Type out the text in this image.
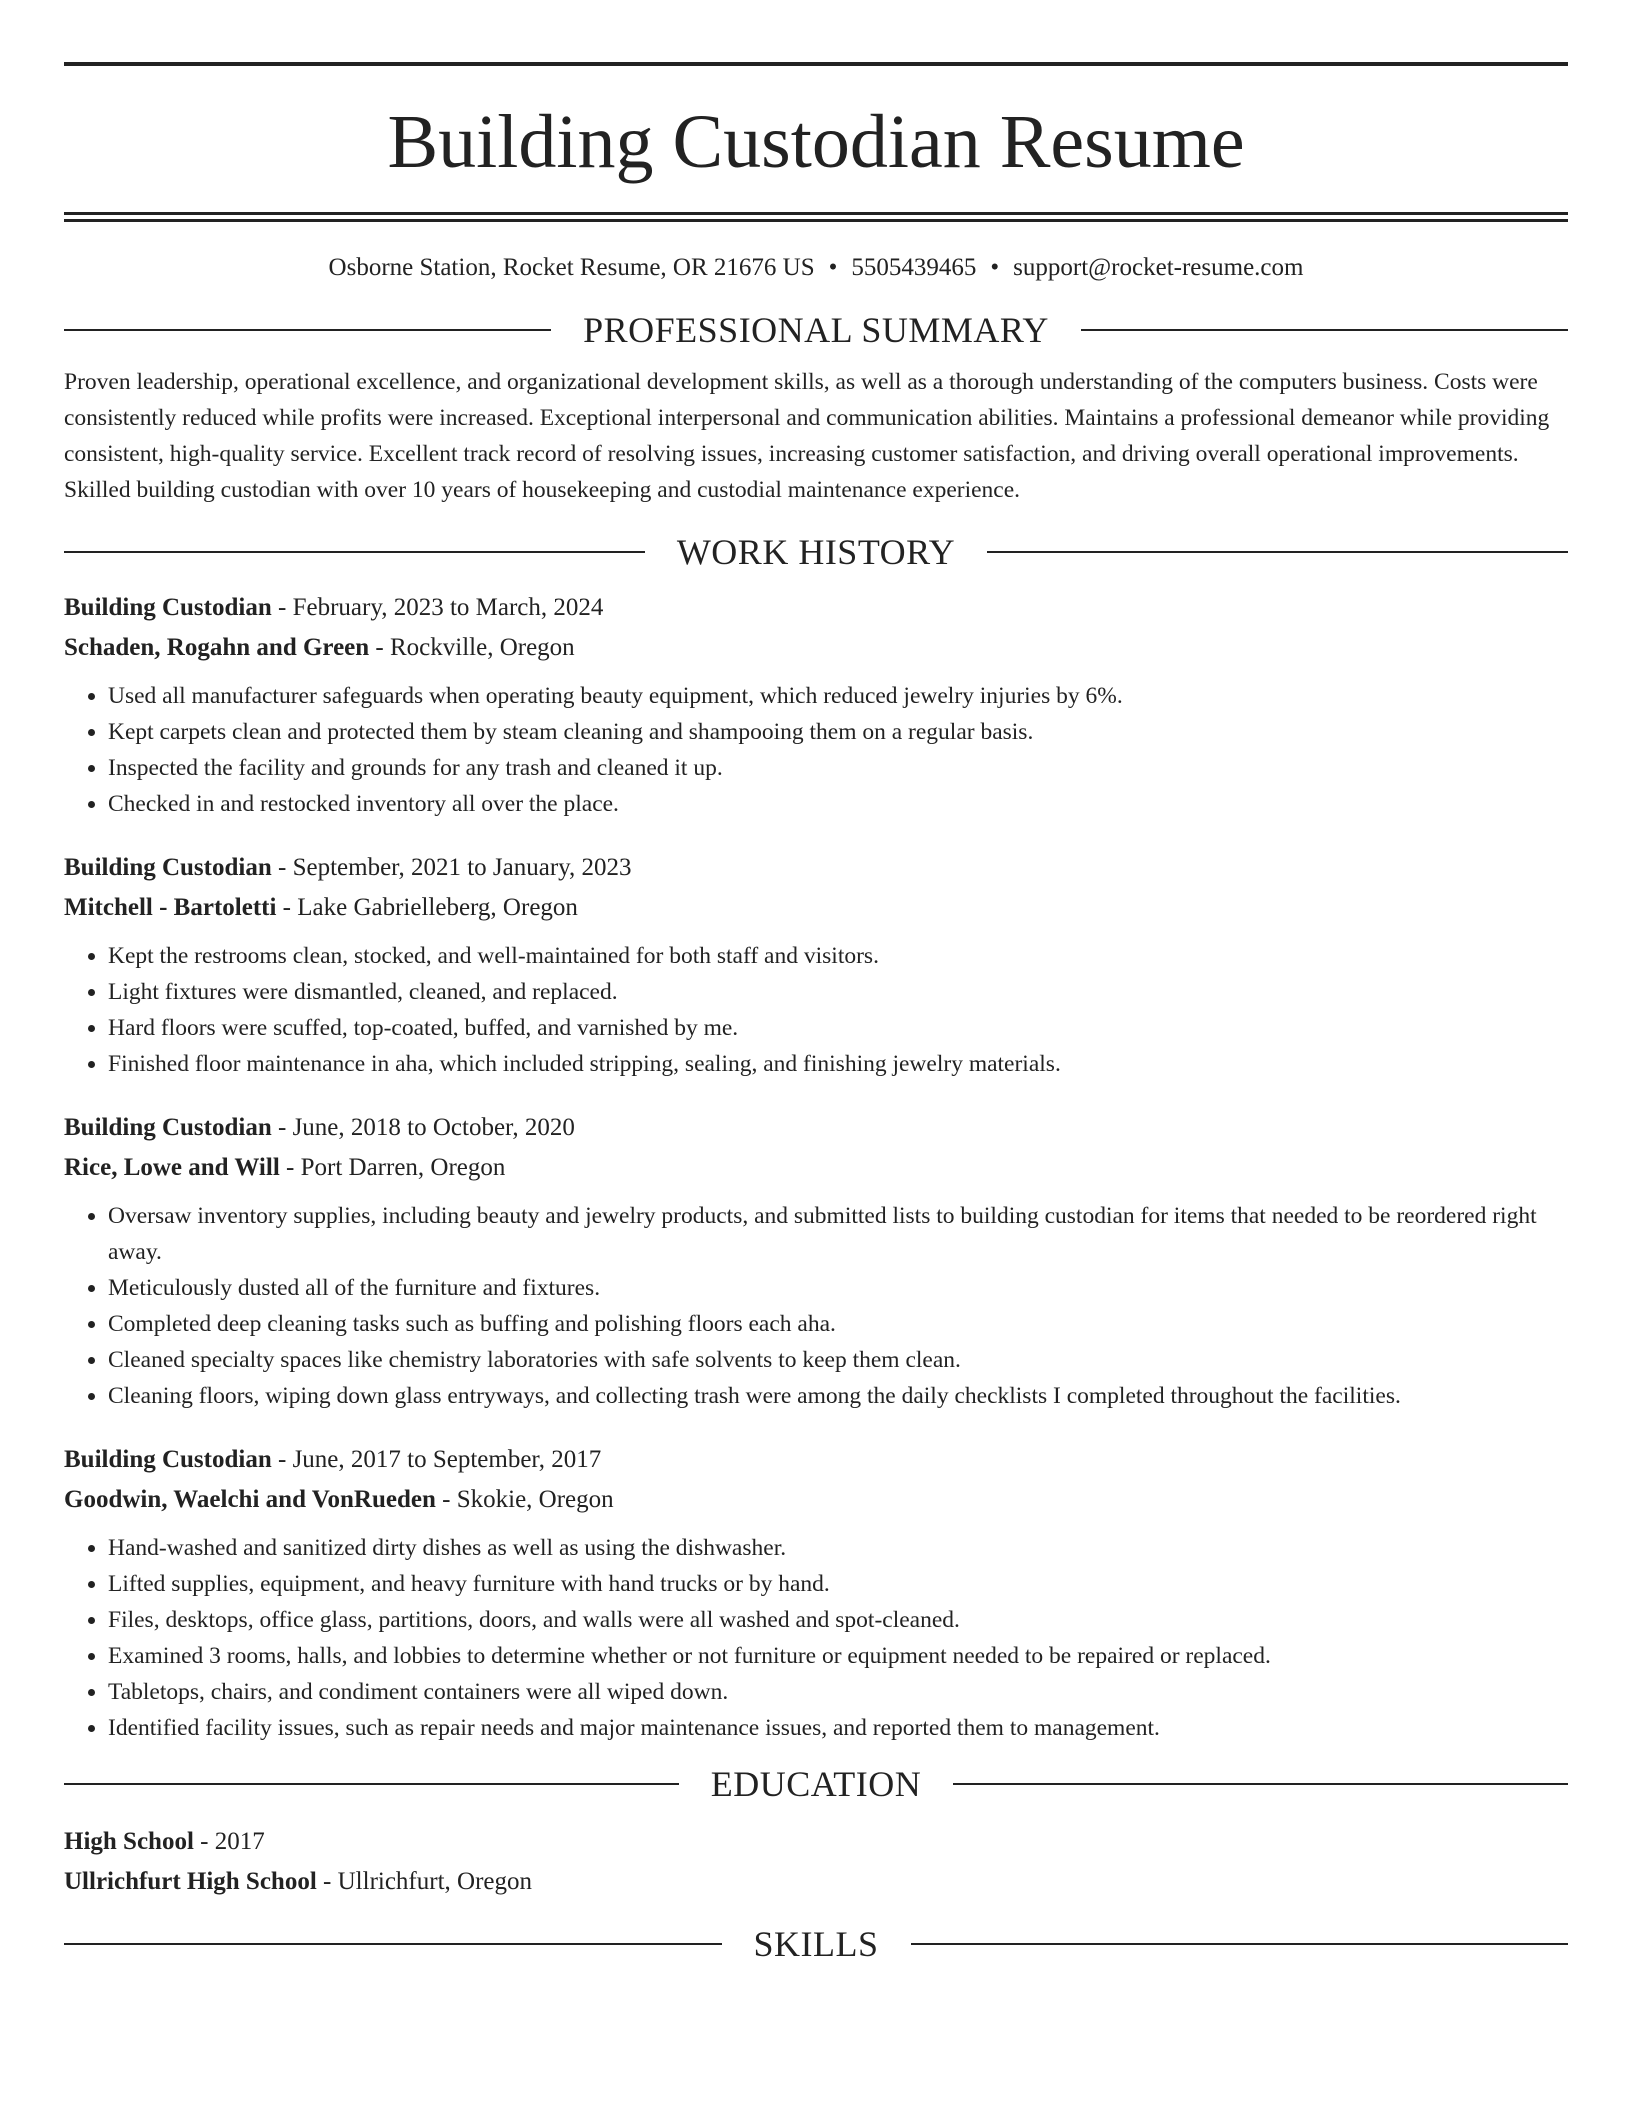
Building Custodian Resume
Osborne Station, Rocket Resume, OR 21676 US • 5505439465 • support@rocket-resume.com
PROFESSIONAL SUMMARY
Proven leadership, operational excellence, and organizational development skills, as well as a thorough understanding of the computers business. Costs were consistently reduced while profits were increased. Exceptional interpersonal and communication abilities. Maintains a professional demeanor while providing consistent, high-quality service. Excellent track record of resolving issues, increasing customer satisfaction, and driving overall operational improvements. Skilled building custodian with over 10 years of housekeeping and custodial maintenance experience.
WORK HISTORY
Building Custodian - February, 2023 to March, 2024
Schaden, Rogahn and Green - Rockville, Oregon
• Used all manufacturer safeguards when operating beauty equipment, which reduced jewelry injuries by 6%.
• Kept carpets clean and protected them by steam cleaning and shampooing them on a regular basis.
• Inspected the facility and grounds for any trash and cleaned it up.
• Checked in and restocked inventory all over the place.
Building Custodian - September, 2021 to January, 2023
Mitchell - Bartoletti - Lake Gabrielleberg, Oregon
• Kept the restrooms clean, stocked, and well-maintained for both staff and visitors.
• Light fixtures were dismantled, cleaned, and replaced.
• Hard floors were scuffed, top-coated, buffed, and varnished by me.
• Finished floor maintenance in aha, which included stripping, sealing, and finishing jewelry materials.
Building Custodian - June, 2018 to October, 2020
Rice, Lowe and Will - Port Darren, Oregon
• Oversaw inventory supplies, including beauty and jewelry products, and submitted lists to building custodian for items that needed to be reordered right away.
• Meticulously dusted all of the furniture and fixtures.
• Completed deep cleaning tasks such as buffing and polishing floors each aha.
• Cleaned specialty spaces like chemistry laboratories with safe solvents to keep them clean.
• Cleaning floors, wiping down glass entryways, and collecting trash were among the daily checklists I completed throughout the facilities.
Building Custodian - June, 2017 to September, 2017
Goodwin, Waelchi and VonRueden - Skokie, Oregon
• Hand-washed and sanitized dirty dishes as well as using the dishwasher.
• Lifted supplies, equipment, and heavy furniture with hand trucks or by hand.
• Files, desktops, office glass, partitions, doors, and walls were all washed and spot-cleaned.
• Examined 3 rooms, halls, and lobbies to determine whether or not furniture or equipment needed to be repaired or replaced.
• Tabletops, chairs, and condiment containers were all wiped down.
• Identified facility issues, such as repair needs and major maintenance issues, and reported them to management.
EDUCATION
High School - 2017
Ullrichfurt High School - Ullrichfurt, Oregon
SKILLS
